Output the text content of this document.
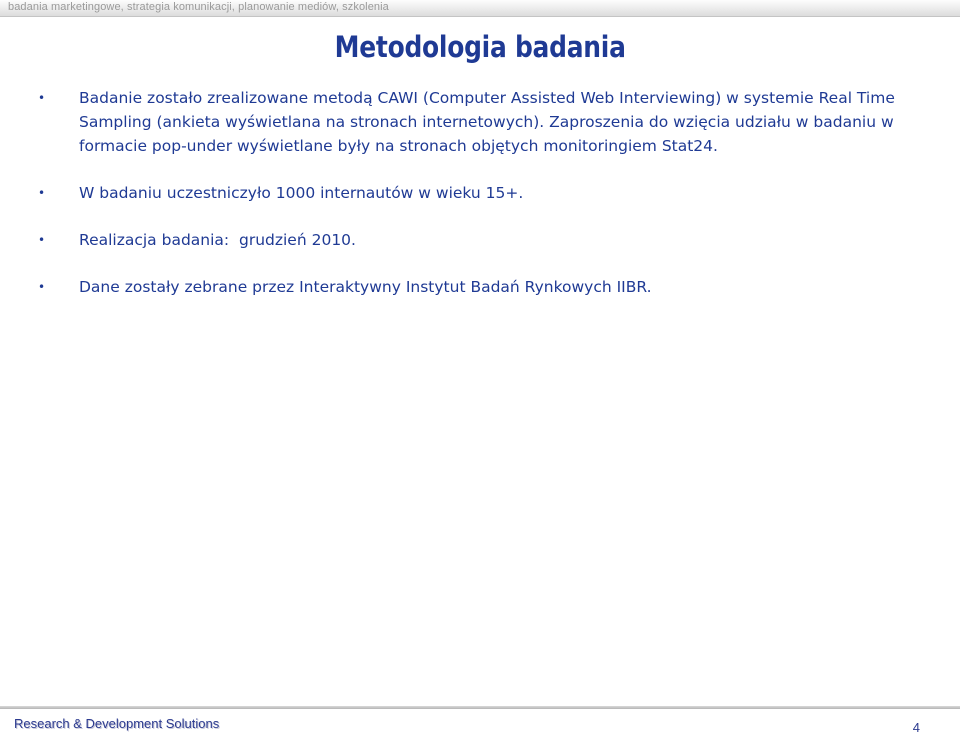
badania marketingowe, strategia komunikacji, planowanie mediów, szkolenia
Metodologia badania
• Badanie zostało zrealizowane metodą CAWI (Computer Assisted Web Interviewing) w systemie Real Time Sampling (ankieta wyświetlana na stronach internetowych). Zaproszenia do wzięcia udziału w badaniu w formacie pop-under wyświetlane były na stronach objętych monitoringiem Stat24.
• W badaniu uczestniczyło 1000 internautów w wieku 15+.
• Realizacja badania:  grudzień 2010.
• Dane zostały zebrane przez Interaktywny Instytut Badań Rynkowych IIBR.
Research & Development Solutions	4
